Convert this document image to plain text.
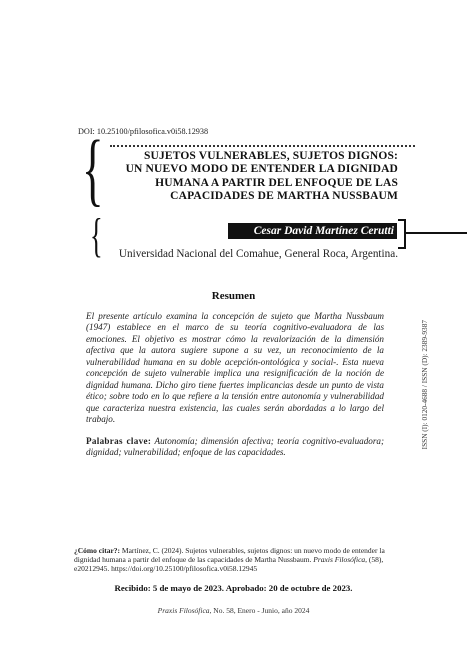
DOI: 10.25100/pfilosofica.v0i58.12938
{	SUJETOS VULNERABLES, SUJETOS DIGNOS:
UN NUEVO MODO DE ENTENDER LA DIGNIDAD
HUMANA A PARTIR DEL ENFOQUE DE LAS
CAPACIDADES DE MARTHA NUSSBAUM
{	Cesar David Martínez Cerutti
Universidad Nacional del Comahue, General Roca, Argentina.
Resumen
El presente artículo examina la concepción de sujeto que Martha Nussbaum (1947) establece en el marco de su teoría cognitivo-evaluadora de las emociones. El objetivo es mostrar cómo la revalorización de la dimensión afectiva que la autora sugiere supone a su vez, un reconocimiento de la vulnerabilidad humana en su doble acepción-ontológica y social-. Esta nueva concepción de sujeto vulnerable implica una resignificación de la noción de dignidad humana. Dicho giro tiene fuertes implicancias desde un punto de vista ético; sobre todo en lo que refiere a la tensión entre autonomía y vulnerabilidad que caracteriza nuestra existencia, las cuales serán abordadas a lo largo del trabajo.
Palabras clave: Autonomía; dimensión afectiva; teoría cognitivo-evaluadora; dignidad; vulnerabilidad; enfoque de las capacidades.
ISSN (I): 0120-4688 / ISSN (D): 2389-9387
¿Cómo citar?: Martínez, C. (2024). Sujetos vulnerables, sujetos dignos: un nuevo modo de entender la dignidad humana a partir del enfoque de las capacidades de Martha Nussbaum. Praxis Filosófica, (58), e20212945. https://doi.org/10.25100/pfilosofica.v0i58.12945
Recibido: 5 de mayo de 2023. Aprobado: 20 de octubre de 2023.
Praxis Filosófica, No. 58, Enero - Junio, año 2024
